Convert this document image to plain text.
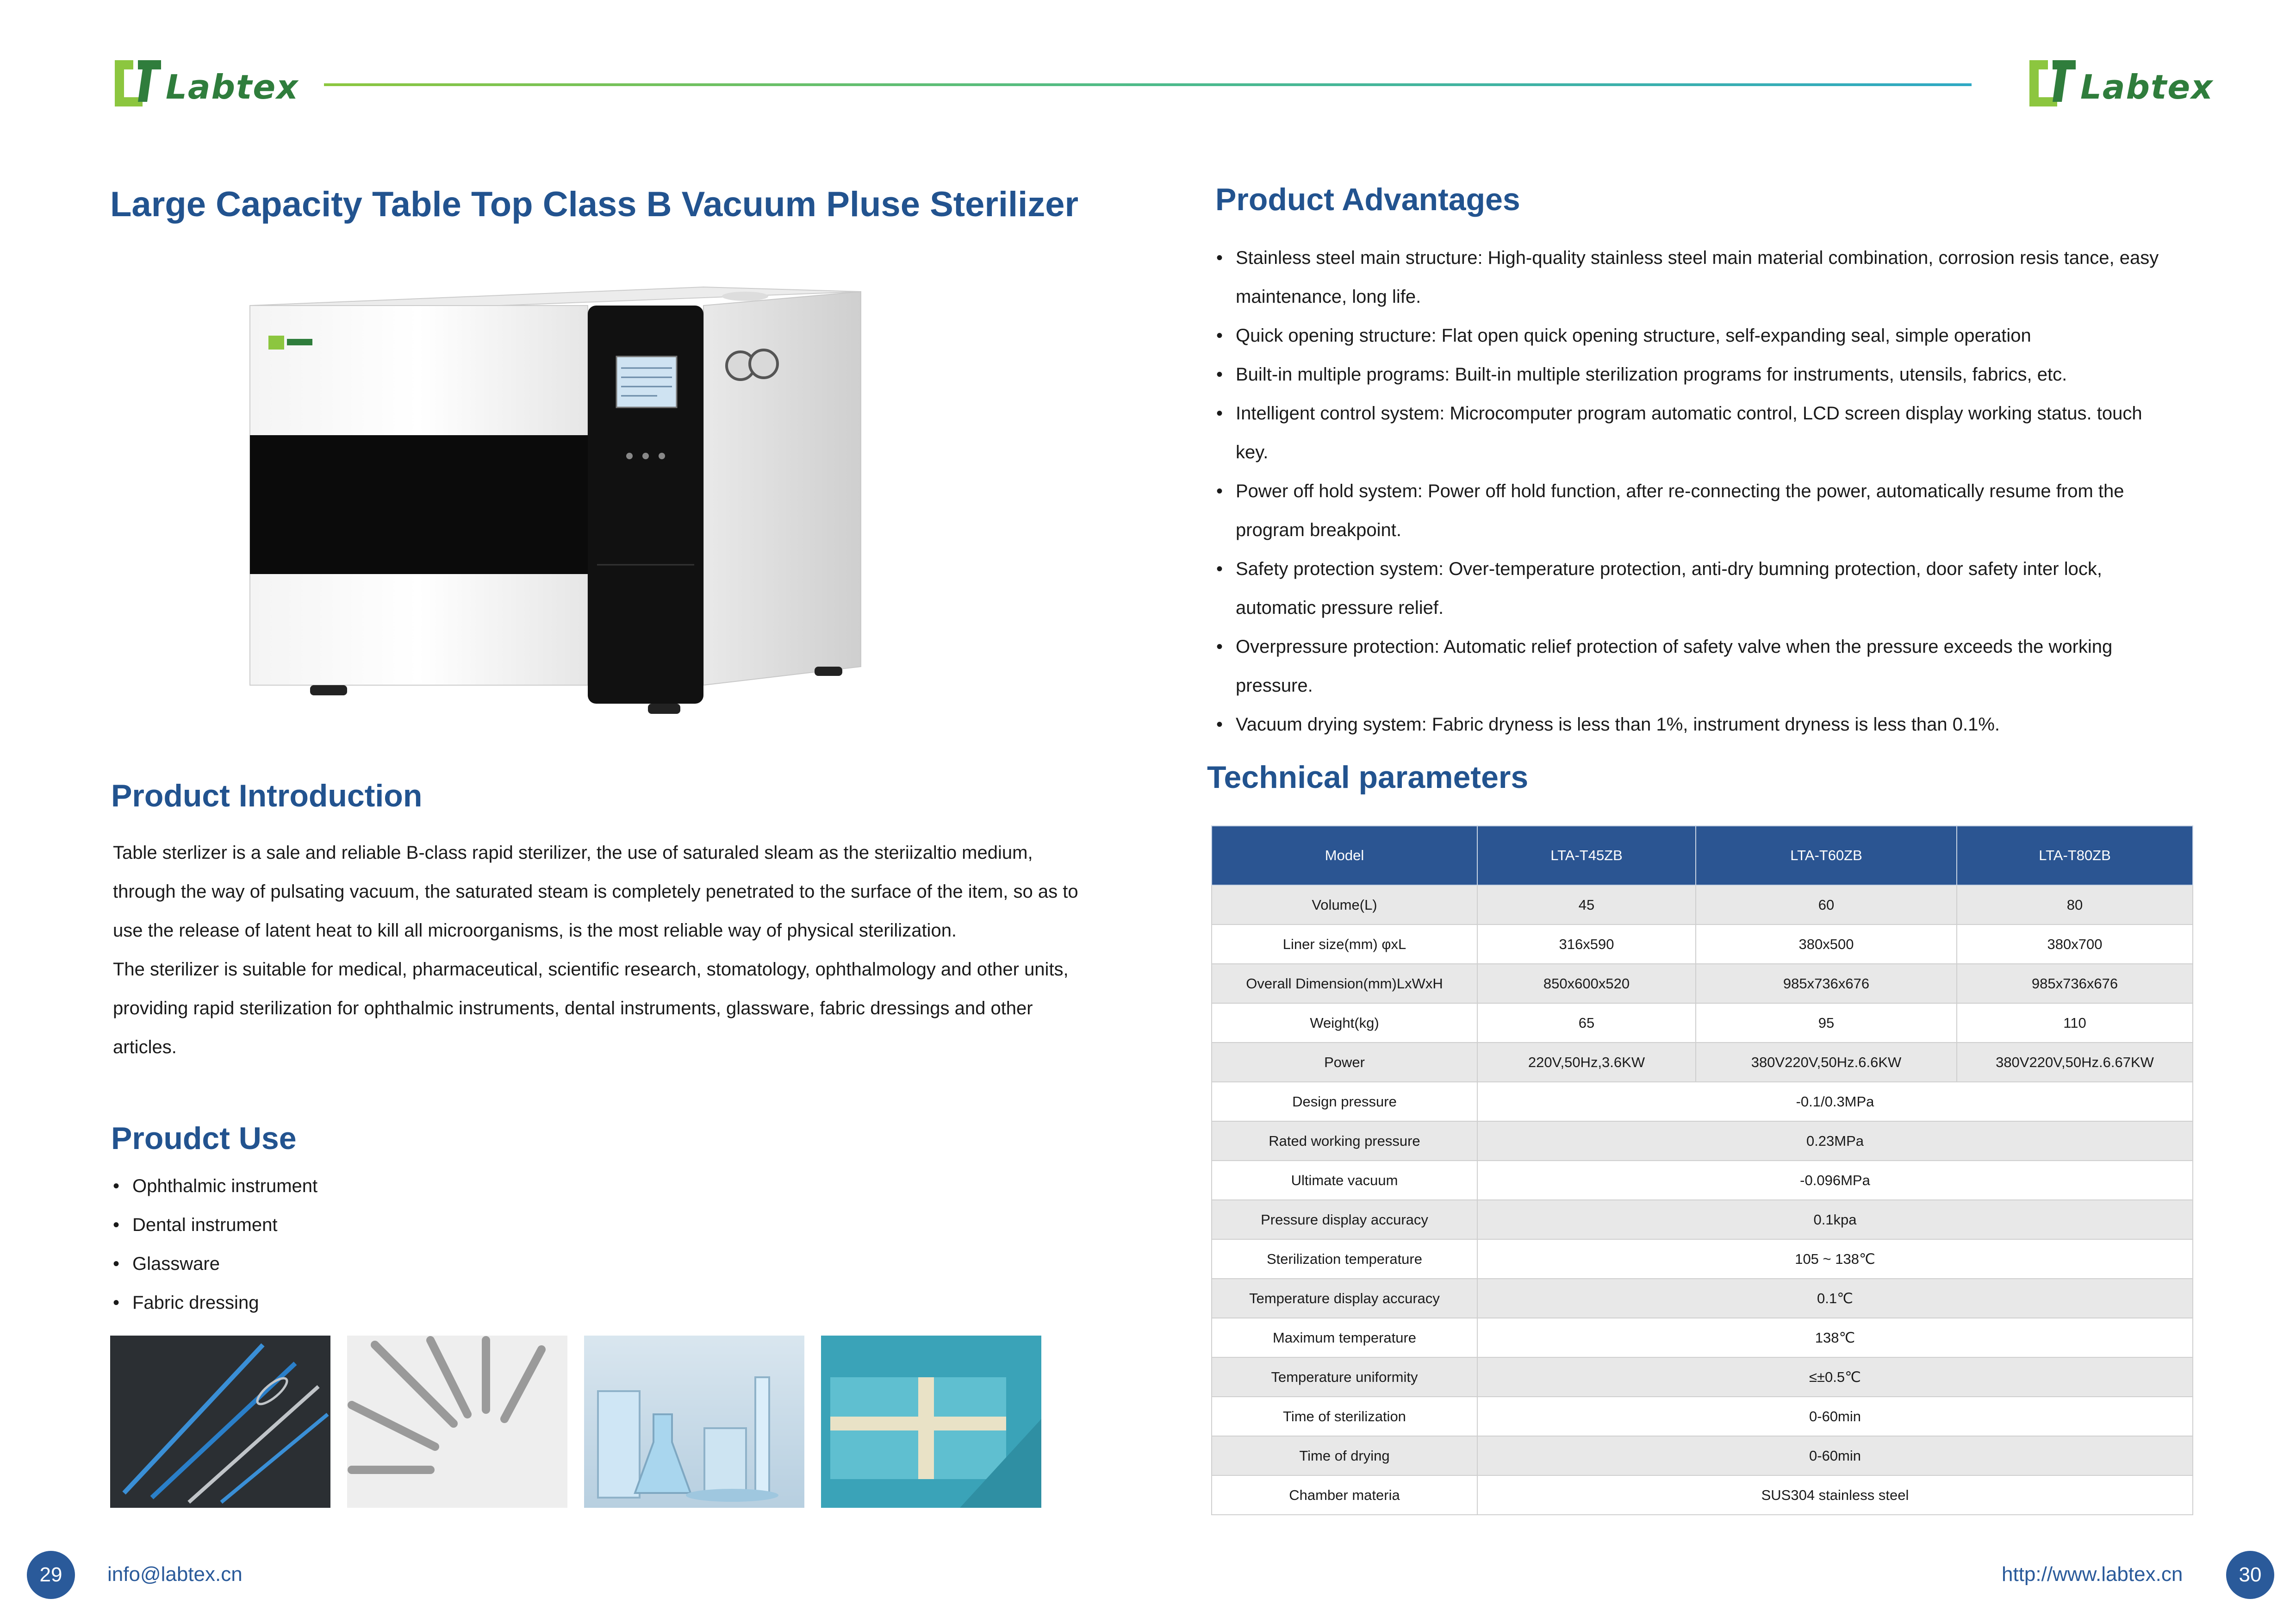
Labtex	Labtex
Large Capacity Table Top Class B Vacuum Pluse Sterilizer
Product Introduction

Table sterlizer is a sale and reliable B-class rapid sterilizer, the use of saturaled sleam as the steriizaltio medium, through the way of pulsating vacuum, the saturated steam is completely penetrated to the surface of the item, so as to use the release of latent heat to kill all microorganisms, is the most reliable way of physical sterilization.

The sterilizer is suitable for medical, pharmaceutical, scientific research, stomatology, ophthalmology and other units, providing rapid sterilization for ophthalmic instruments, dental instruments, glassware, fabric dressings and other articles.

Proudct Use
• Ophthalmic instrument
• Dental instrument
• Glassware
• Fabric dressing
29	info@labtex.cn
Product Advantages
• Stainless steel main structure: High-quality stainless steel main material combination, corrosion resis tance, easy maintenance, long life.
• Quick opening structure: Flat open quick opening structure, self-expanding seal, simple operation
• Built-in multiple programs: Built-in multiple sterilization programs for instruments, utensils, fabrics, etc.
• Intelligent control system: Microcomputer program automatic control, LCD screen display working status. touch key.
• Power off hold system: Power off hold function, after re-connecting the power, automatically resume from the program breakpoint.
• Safety protection system: Over-temperature protection, anti-dry bumning protection, door safety inter lock, automatic pressure relief.
• Overpressure protection: Automatic relief protection of safety valve when the pressure exceeds the working pressure.
• Vacuum drying system: Fabric dryness is less than 1%, instrument dryness is less than 0.1%.
Technical parameters
Model	LTA-T45ZB	LTA-T60ZB	LTA-T80ZB
Volume(L)	45	60	80
Liner size(mm) φxL	316x590	380x500	380x700
Overall Dimension(mm)LxWxH	850x600x520	985x736x676	985x736x676
Weight(kg)	65	95	110
Power	220V,50Hz,3.6KW	380V220V,50Hz.6.6KW	380V220V,50Hz.6.67KW
Design pressure	-0.1/0.3MPa		
Rated working pressure	0.23MPa		
Ultimate vacuum	-0.096MPa		
Pressure display accuracy	0.1kpa		
Sterilization temperature	105 ~ 138℃		
Temperature display accuracy	0.1℃		
Maximum temperature	138℃		
Temperature uniformity	≤±0.5℃		
Time of sterilization	0-60min		
Time of drying	0-60min		
Chamber materia	SUS304 stainless steel		
http://www.labtex.cn	30
